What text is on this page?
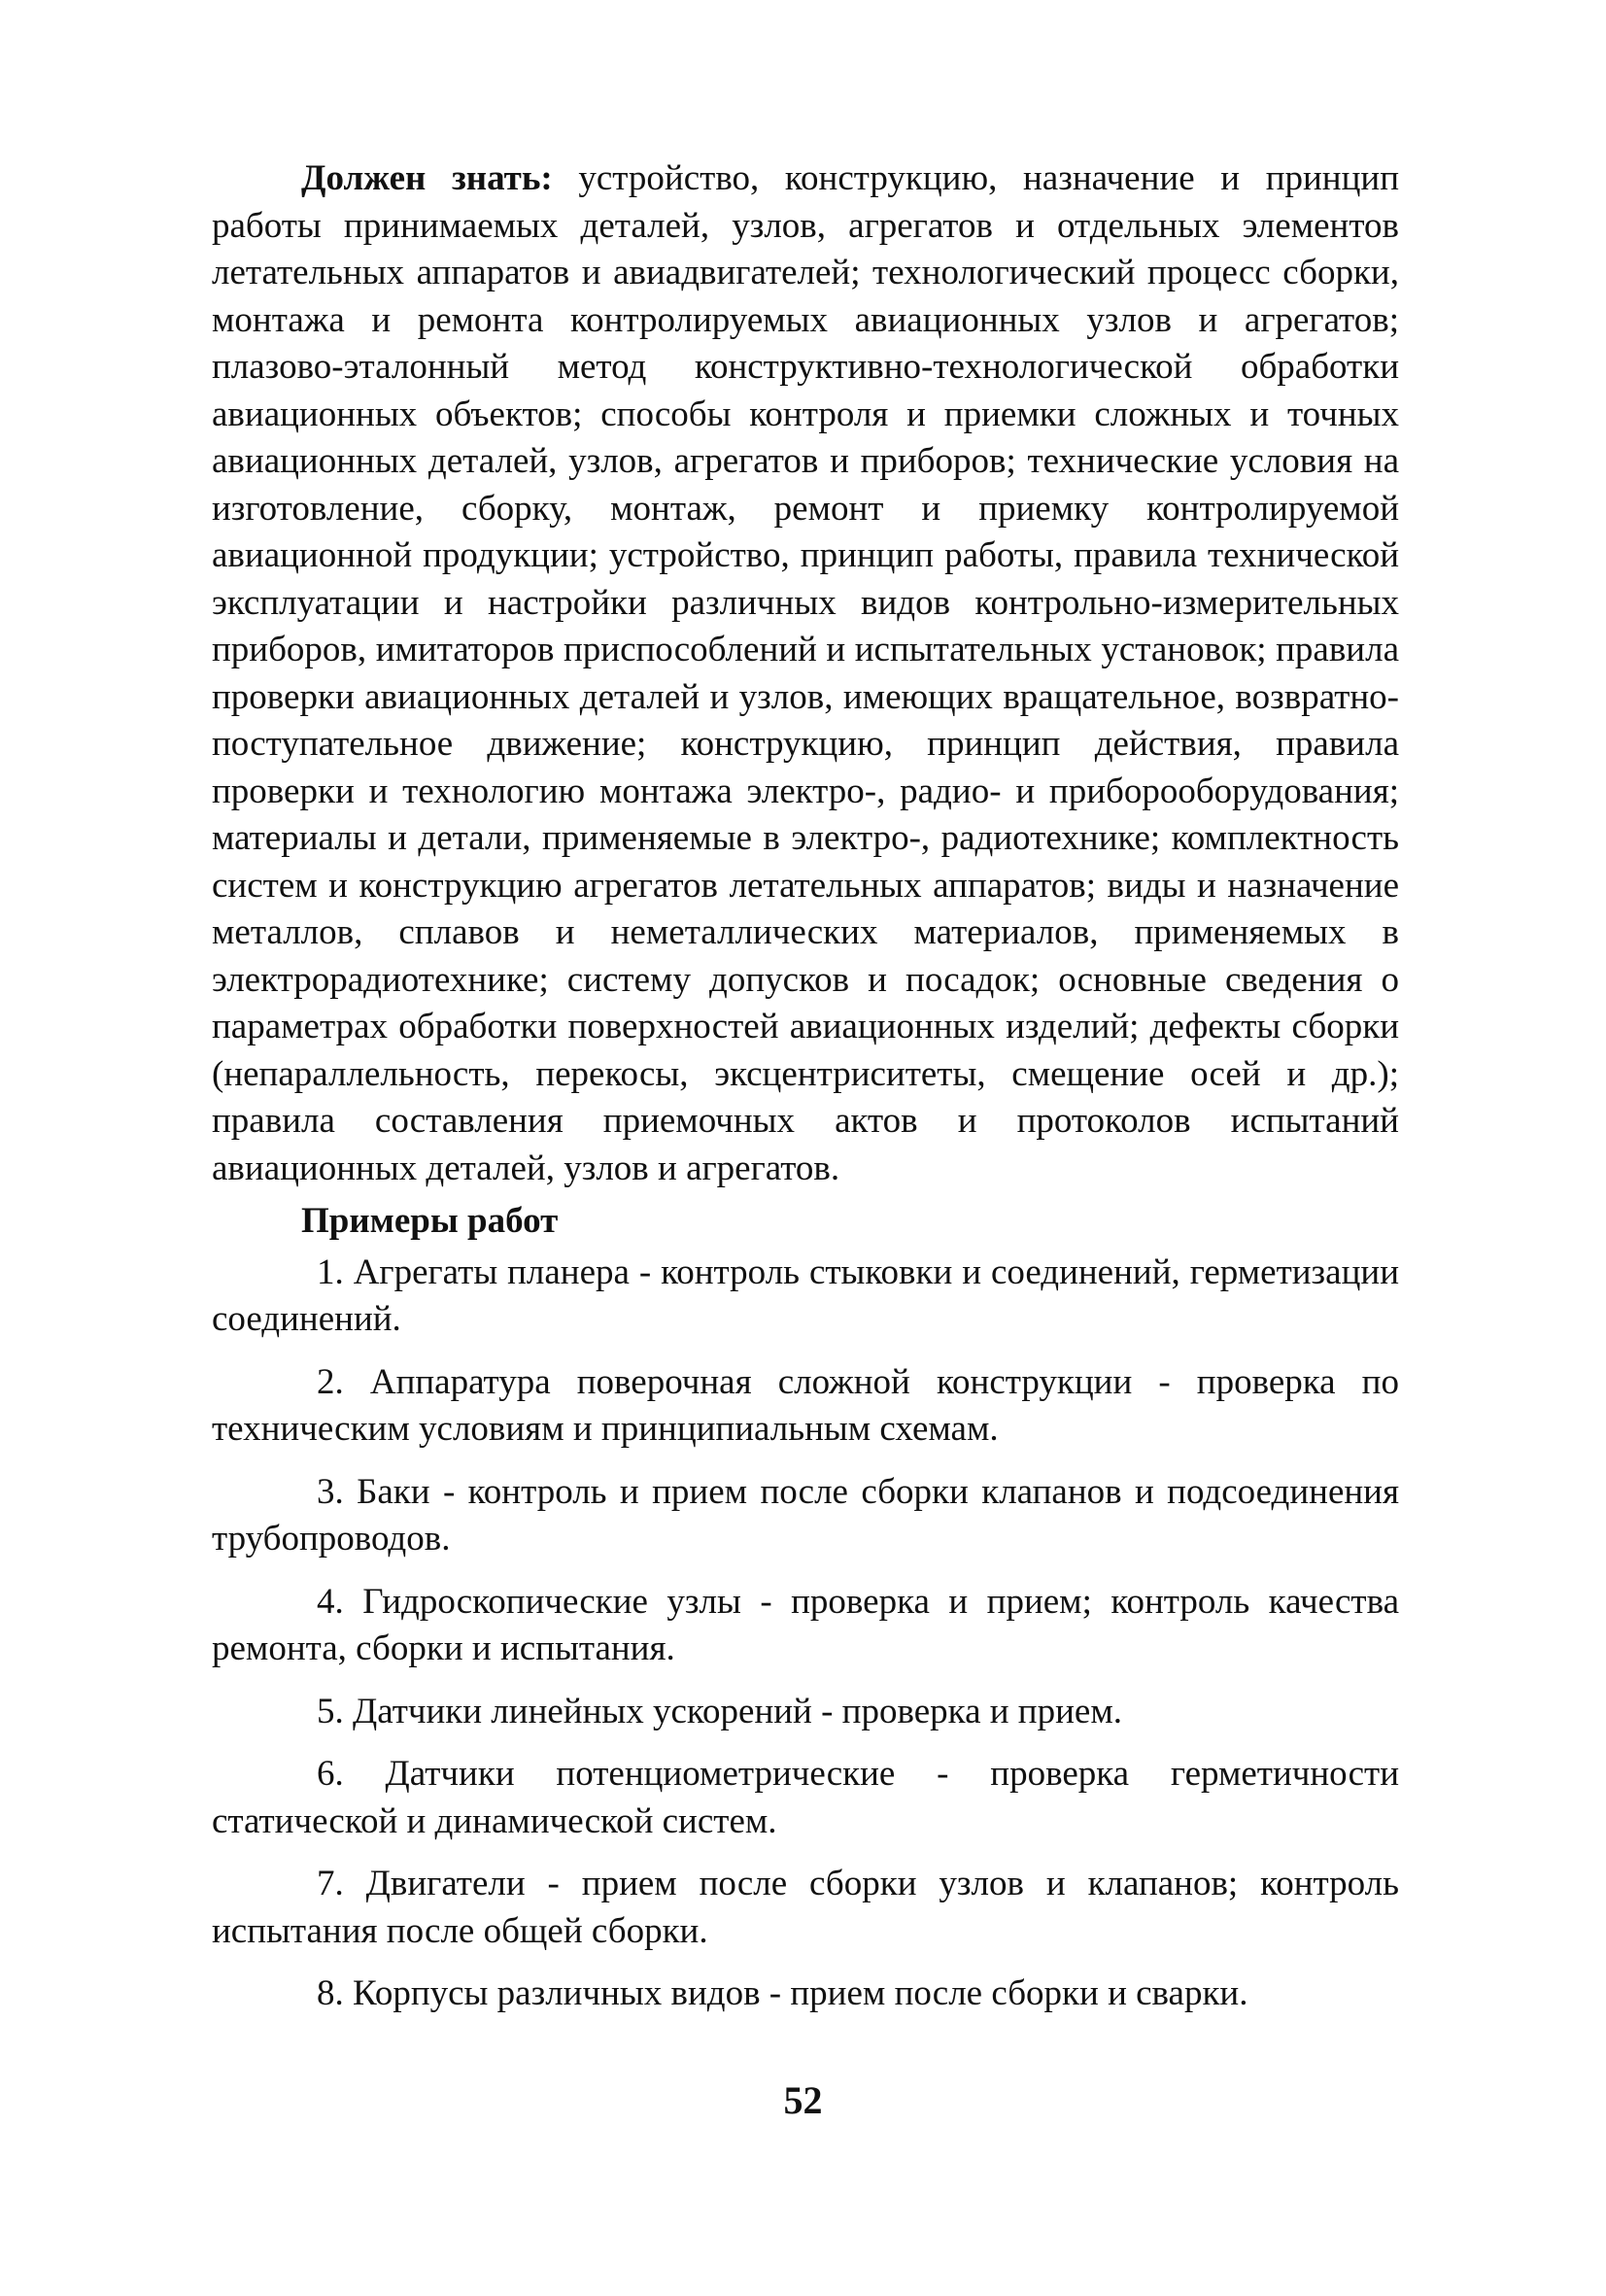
Должен знать: устройство, конструкцию, назначение и принцип работы принимаемых деталей, узлов, агрегатов и отдельных элементов летательных аппаратов и авиадвигателей; технологический процесс сборки, монтажа и ремонта контролируемых авиационных узлов и агрегатов; плазово-эталонный метод конструктивно-технологической обработки авиационных объектов; способы контроля и приемки сложных и точных авиационных деталей, узлов, агрегатов и приборов; технические условия на изготовление, сборку, монтаж, ремонт и приемку контролируемой авиационной продукции; устройство, принцип работы, правила технической эксплуатации и настройки различных видов контрольно-измерительных приборов, имитаторов приспособлений и испытательных установок; правила проверки авиационных деталей и узлов, имеющих вращательное, возвратно-поступательное движение; конструкцию, принцип действия, правила проверки и технологию монтажа электро-, радио- и приборооборудования; материалы и детали, применяемые в электро-, радиотехнике; комплектность систем и конструкцию агрегатов летательных аппаратов; виды и назначение металлов, сплавов и неметаллических материалов, применяемых в электрорадиотехнике; систему допусков и посадок; основные сведения о параметрах обработки поверхностей авиационных изделий; дефекты сборки (непараллельность, перекосы, эксцентриситеты, смещение осей и др.); правила составления приемочных актов и протоколов испытаний авиационных деталей, узлов и агрегатов.

Примеры работ
1. Агрегаты планера - контроль стыковки и соединений, герметизации соединений.
2. Аппаратура поверочная сложной конструкции - проверка по техническим условиям и принципиальным схемам.
3. Баки - контроль и прием после сборки клапанов и подсоединения трубопроводов.
4. Гидроскопические узлы - проверка и прием; контроль качества ремонта, сборки и испытания.
5. Датчики линейных ускорений - проверка и прием.
6. Датчики потенциометрические - проверка герметичности статической и динамической систем.
7. Двигатели - прием после сборки узлов и клапанов; контроль испытания после общей сборки.
8. Корпусы различных видов - прием после сборки и сварки.
52
